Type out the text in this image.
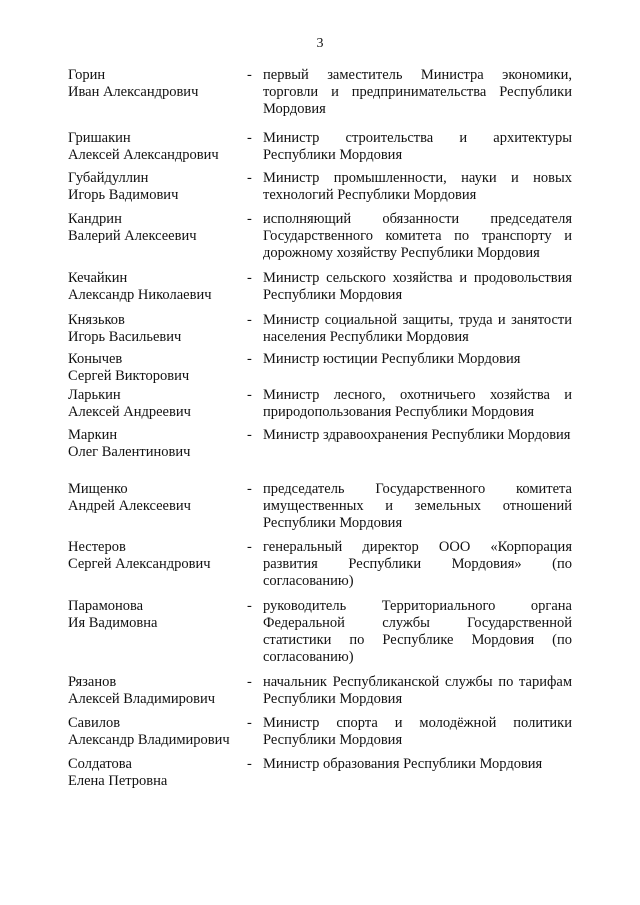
3
Горин
Иван Александрович
- первый заместитель Министра экономики, торговли и предпринимательства Республики Мордовия
Гришакин
Алексей Александрович
- Министр строительства и архитектуры Республики Мордовия
Губайдуллин
Игорь Вадимович
- Министр промышленности, науки и новых технологий Республики Мордовия
Кандрин
Валерий Алексеевич
- исполняющий обязанности председателя Государственного комитета по транспорту и дорожному хозяйству Республики Мордовия
Кечайкин
Александр Николаевич
- Министр сельского хозяйства и продовольствия Республики Мордовия
Князьков
Игорь Васильевич
- Министр социальной защиты, труда и занятости населения Республики Мордовия
Конычев
Сергей Викторович
- Министр юстиции Республики Мордовия
Ларькин
Алексей Андреевич
- Министр лесного, охотничьего хозяйства и природопользования Республики Мордовия
Маркин
Олег Валентинович
- Министр здравоохранения Республики Мордовия
Мищенко
Андрей Алексеевич
- председатель Государственного комитета имущественных и земельных отношений Республики Мордовия
Нестеров
Сергей Александрович
- генеральный директор ООО «Корпорация развития Республики Мордовия» (по согласованию)
Парамонова
Ия Вадимовна
- руководитель Территориального органа Федеральной службы Государственной статистики по Республике Мордовия (по согласованию)
Рязанов
Алексей Владимирович
- начальник Республиканской службы по тарифам Республики Мордовия
Савилов
Александр Владимирович
- Министр спорта и молодёжной политики Республики Мордовия
Солдатова
Елена Петровна
- Министр образования Республики Мордовия
